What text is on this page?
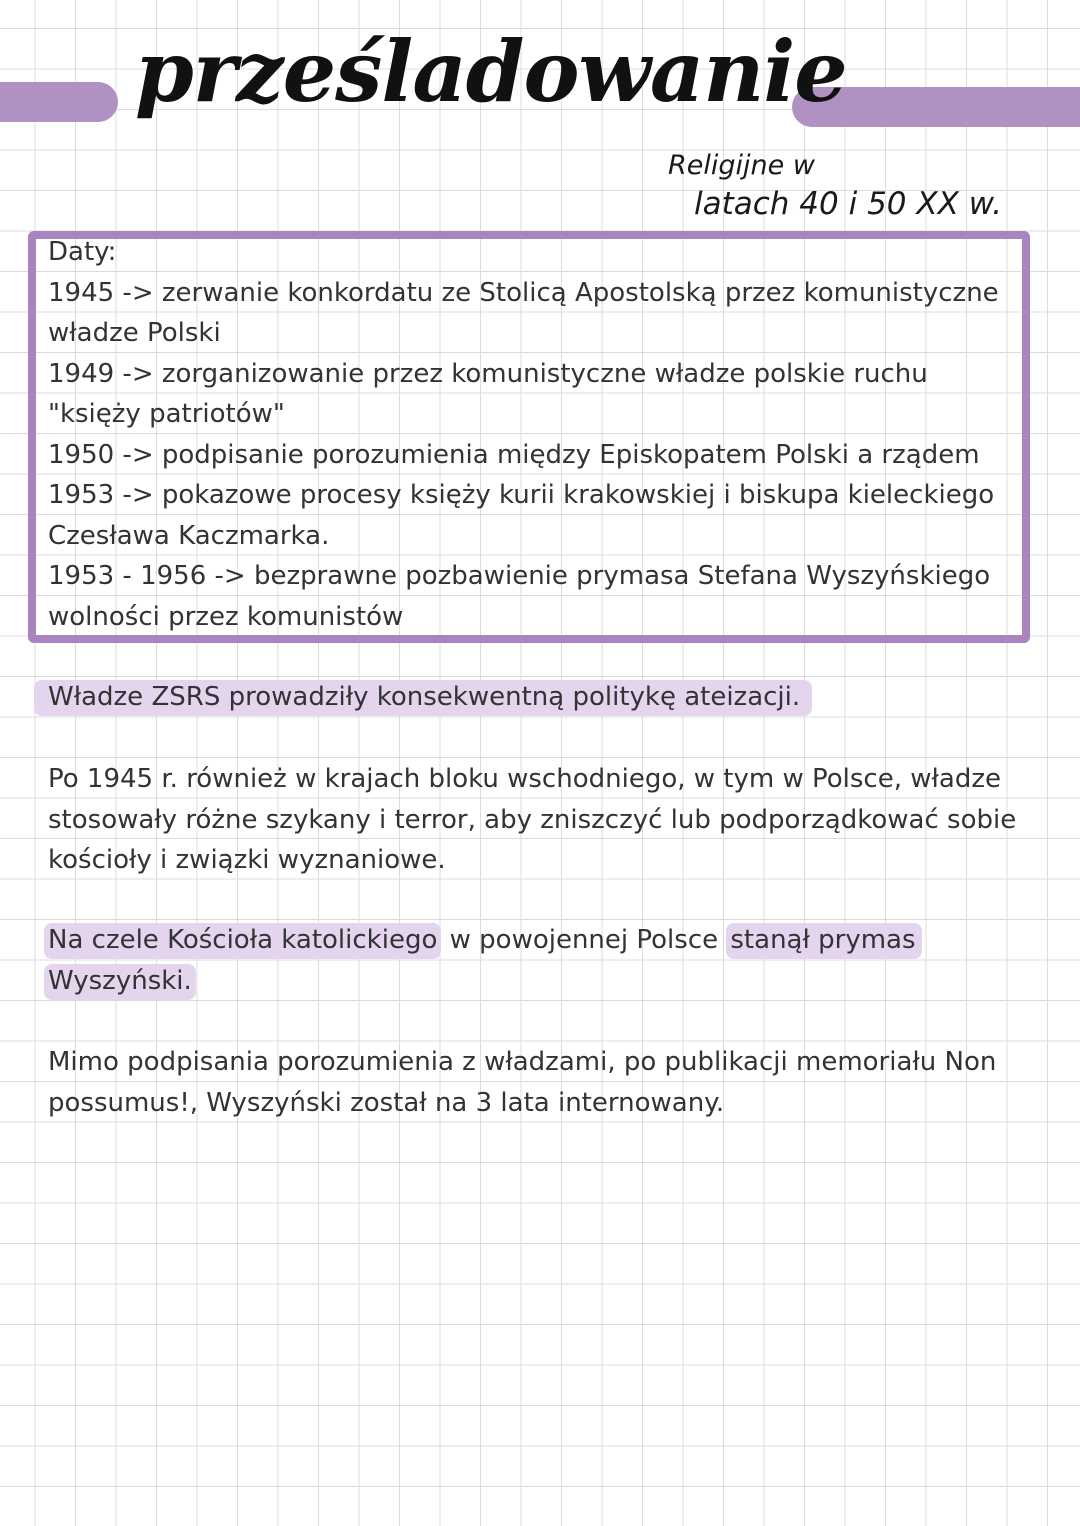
prześladowanie
Religijne w
latach 40 i 50 XX w.
Daty:
1945 -> zerwanie konkordatu ze Stolicą Apostolską przez komunistyczne
władze Polski
1949 -> zorganizowanie przez komunistyczne władze polskie ruchu
"księży patriotów"
1950 -> podpisanie porozumienia między Episkopatem Polski a rządem
1953 -> pokazowe procesy księży kurii krakowskiej i biskupa kieleckiego
Czesława Kaczmarka.
1953 - 1956 -> bezprawne pozbawienie prymasa Stefana Wyszyńskiego
wolności przez komunistów
Władze ZSRS prowadziły konsekwentną politykę ateizacji.
Po 1945 r. również w krajach bloku wschodniego, w tym w Polsce, władze stosowały różne szykany i terror, aby zniszczyć lub podporządkować sobie kościoły i związki wyznaniowe.
Na czele Kościoła katolickiego w powojennej Polsce stanął prymas
Wyszyński.
Mimo podpisania porozumienia z władzami, po publikacji memoriału Non possumus!, Wyszyński został na 3 lata internowany.
